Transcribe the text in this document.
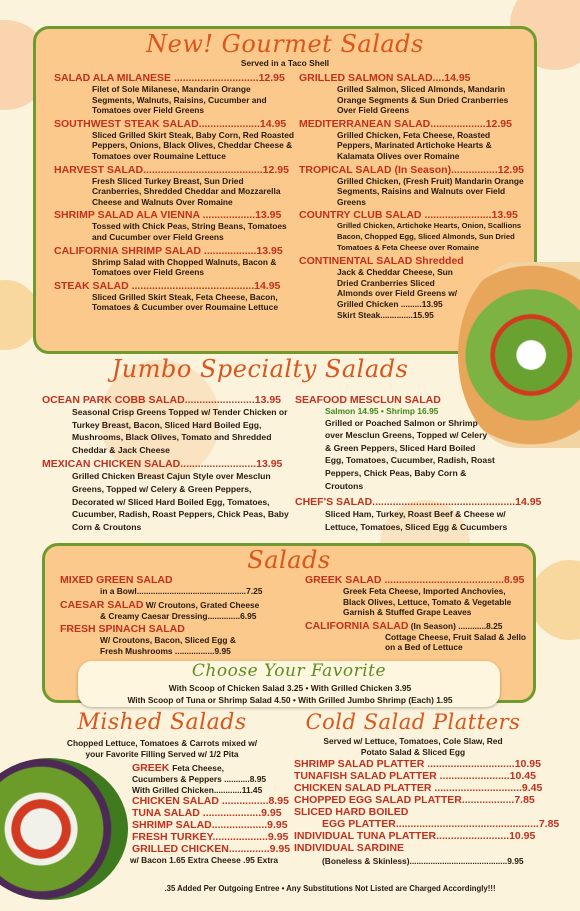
New! Gourmet Salads
Served in a Taco Shell
SALAD ALA MILANESE .............................12.95
Filet of Sole Milanese, Mandarin Orange Segments, Walnuts, Raisins, Cucumber and Tomatoes over Field Greens
SOUTHWEST STEAK SALAD.....................14.95
Sliced Grilled Skirt Steak, Baby Corn, Red Roasted Peppers, Onions, Black Olives, Cheddar Cheese & Tomatoes over Roumaine Lettuce
HARVEST SALAD.........................................12.95
Fresh Sliced Turkey Breast, Sun Dried Cranberries, Shredded Cheddar and Mozzarella Cheese and Walnuts Over Romaine
SHRIMP SALAD ALA VIENNA ..................13.95
Tossed with Chick Peas, String Beans, Tomatoes and Cucumber over Field Greens
CALIFORNIA SHRIMP SALAD ..................13.95
Shrimp Salad with Chopped Walnuts, Bacon & Tomatoes over Field Greens
STEAK SALAD ..........................................14.95
Sliced Grilled Skirt Steak, Feta Cheese, Bacon, Tomatoes & Cucumber over Roumaine Lettuce
GRILLED SALMON SALAD....14.95
Grilled Salmon, Sliced Almonds, Mandarin Orange Segments & Sun Dried Cranberries Over Field Greens
MEDITERRANEAN SALAD...................12.95
Grilled Chicken, Feta Cheese, Roasted Peppers, Marinated Artichoke Hearts & Kalamata Olives over Romaine
TROPICAL SALAD (In Season)................12.95
Grilled Chicken, (Fresh Fruit) Mandarin Orange Segments, Raisins and Walnuts over Field Greens
COUNTRY CLUB SALAD .......................13.95
Grilled Chicken, Artichoke Hearts, Onion, Scallions Bacon, Chopped Egg, Sliced Almonds, Sun Dried Tomatoes & Feta Cheese over Romaine
CONTINENTAL SALAD Shredded
Jack & Cheddar Cheese, Sun Dried Cranberries Sliced Almonds over Field Greens w/ Grilled Chicken .........13.95 Skirt Steak..............15.95
Jumbo Specialty Salads
OCEAN PARK COBB SALAD........................13.95
Seasonal Crisp Greens Topped w/ Tender Chicken or Turkey Breast, Bacon, Sliced Hard Boiled Egg, Mushrooms, Black Olives, Tomato and Shredded Cheddar & Jack Cheese
MEXICAN CHICKEN SALAD..........................13.95
Grilled Chicken Breast Cajun Style over Mesclun Greens, Topped w/ Celery & Green Peppers, Decorated w/ Sliced Hard Boiled Egg, Tomatoes, Cucumber, Radish, Roast Peppers, Chick Peas, Baby Corn & Croutons
SEAFOOD MESCLUN SALAD
Salmon 14.95 • Shrimp 16.95
Grilled or Poached Salmon or Shrimp over Mesclun Greens, Topped w/ Celery & Green Peppers, Sliced Hard Boiled Egg, Tomatoes, Cucumber, Radish, Roast Peppers, Chick Peas, Baby Corn & Croutons
CHEF'S SALAD.................................................14.95
Sliced Ham, Turkey, Roast Beef & Cheese w/ Lettuce, Tomatoes, Sliced Egg & Cucumbers
Salads
MIXED GREEN SALAD
in a Bowl...............................................7.25
CAESAR SALAD W/ Croutons, Grated Cheese
& Creamy Caesar Dressing..............6.95
FRESH SPINACH SALAD
W/ Croutons, Bacon, Sliced Egg & Fresh Mushrooms .................9.95
GREEK SALAD .........................................8.95
Greek Feta Cheese, Imported Anchovies, Black Olives, Lettuce, Tomato & Vegetable Garnish & Stuffed Grape Leaves
CALIFORNIA SALAD (In Season) ............8.25
Cottage Cheese, Fruit Salad & Jello on a Bed of Lettuce
Choose Your Favorite
With Scoop of Chicken Salad 3.25 • With Grilled Chicken 3.95
With Scoop of Tuna or Shrimp Salad 4.50 • With Grilled Jumbo Shrimp (Each) 1.95
Mished Salads
Chopped Lettuce, Tomatoes & Carrots mixed w/ your Favorite Filling Served w/ 1/2 Pita
GREEK Feta Cheese,
Cucumbers & Peppers ...........8.95
With Grilled Chicken............11.45
CHICKEN SALAD ................8.95
TUNA SALAD ....................9.95
SHRIMP SALAD...................9.95
FRESH TURKEY...................9.95
GRILLED CHICKEN..............9.95
w/ Bacon 1.65 Extra Cheese .95 Extra
Cold Salad Platters
Served w/ Lettuce, Tomatoes, Cole Slaw, Red Potato Salad & Sliced Egg
SHRIMP SALAD PLATTER ..............................10.95
TUNAFISH SALAD PLATTER ........................10.45
CHICKEN SALAD PLATTER ..............................9.45
CHOPPED EGG SALAD PLATTER..................7.85
SLICED HARD BOILED
EGG PLATTER.................................................7.85
INDIVIDUAL TUNA PLATTER.........................10.95
INDIVIDUAL SARDINE
(Boneless & Skinless)..........................................9.95
.35 Added Per Outgoing Entree • Any Substitutions Not Listed are Charged Accordingly!!!
